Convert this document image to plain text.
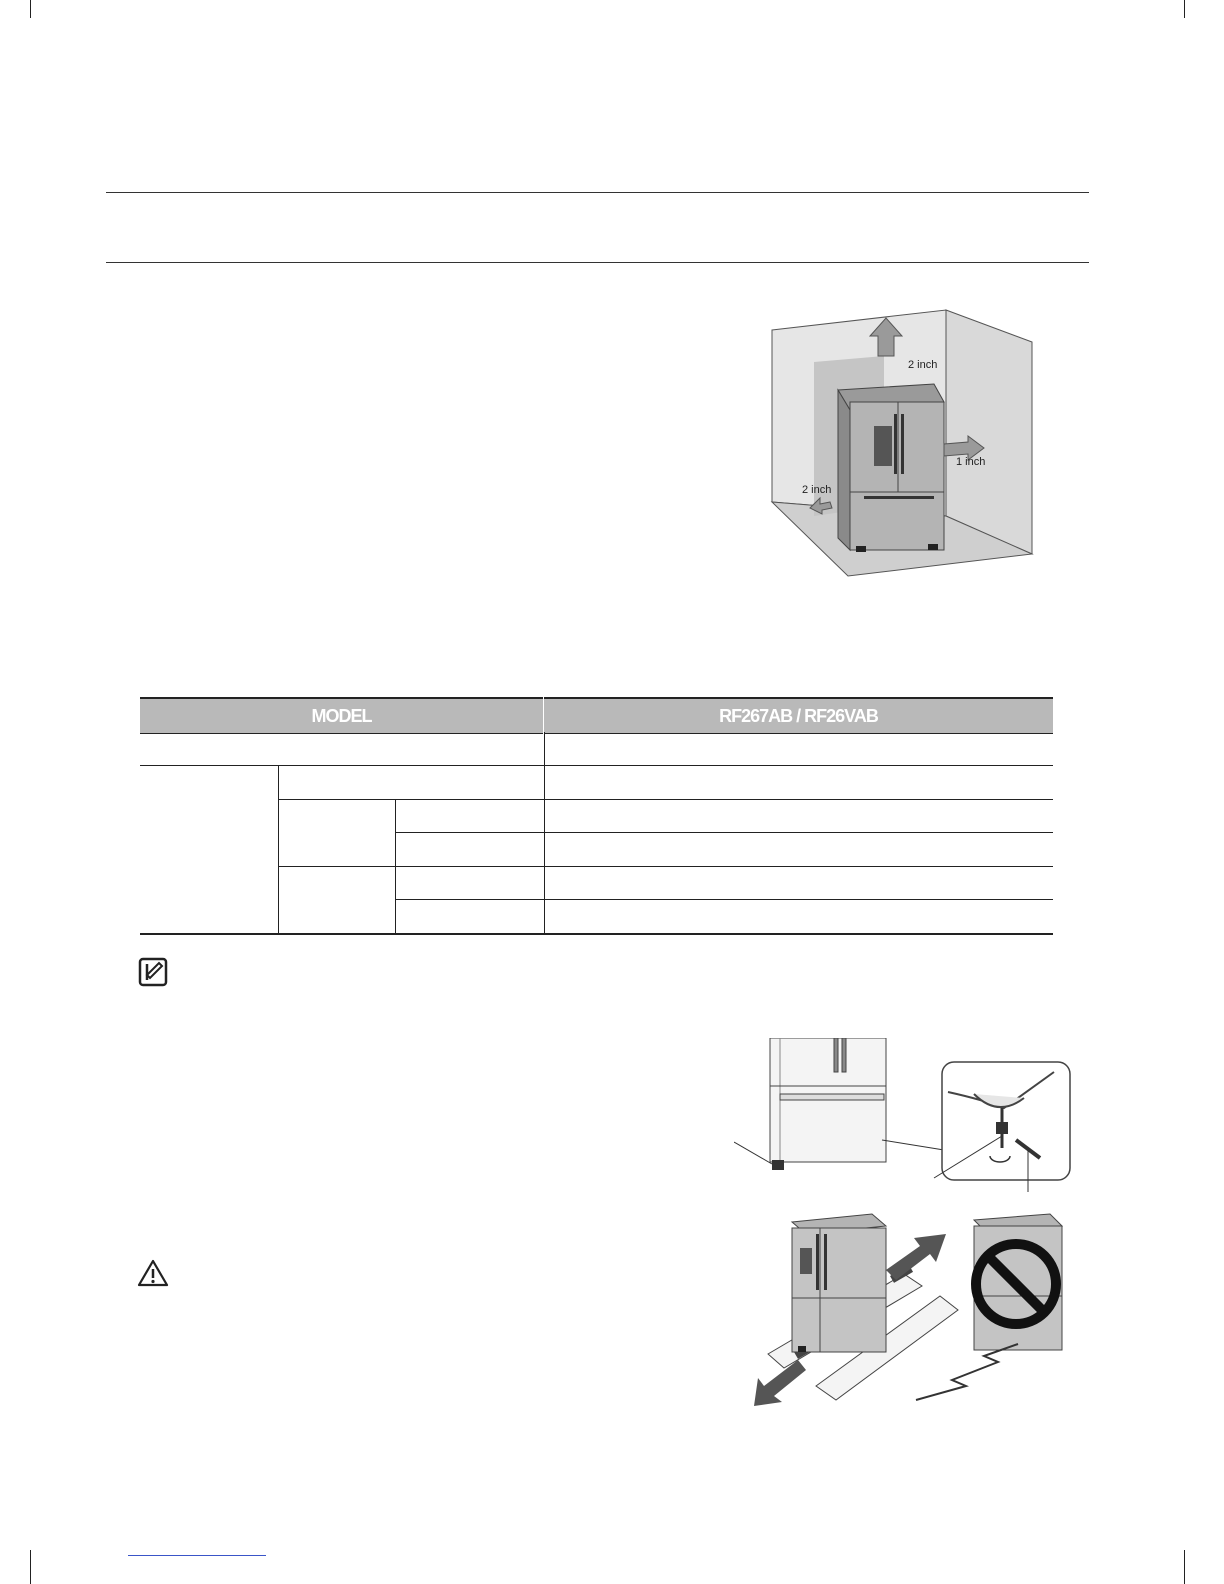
2 inch
1 inch
2 inch
MODEL	RF267AB / RF26VAB
